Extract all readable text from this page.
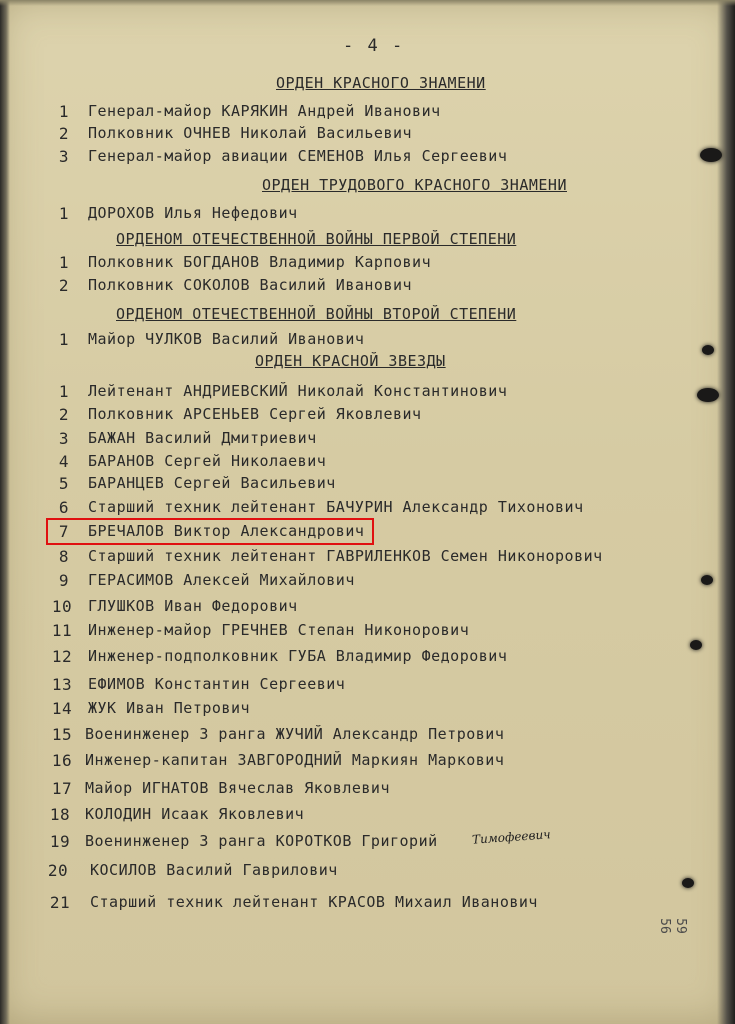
- 4 -
ОРДЕН КРАСНОГО ЗНАМЕНИ
1	Генерал-майор КАРЯКИН Андрей Иванович
2	Полковник ОЧНЕВ Николай Васильевич
3	Генерал-майор авиации СЕМЕНОВ Илья Сергеевич
ОРДЕН ТРУДОВОГО КРАСНОГО ЗНАМЕНИ
1	ДОРОХОВ Илья Нефедович
ОРДЕНОМ ОТЕЧЕСТВЕННОЙ ВОЙНЫ ПЕРВОЙ СТЕПЕНИ
1	Полковник БОГДАНОВ Владимир Карпович
2	Полковник СОКОЛОВ Василий Иванович
ОРДЕНОМ ОТЕЧЕСТВЕННОЙ ВОЙНЫ ВТОРОЙ СТЕПЕНИ
1	Майор ЧУЛКОВ Василий Иванович
ОРДЕН КРАСНОЙ ЗВЕЗДЫ
1	Лейтенант АНДРИЕВСКИЙ Николай Константинович
2	Полковник АРСЕНЬЕВ Сергей Яковлевич
3	БАЖАН Василий Дмитриевич
4	БАРАНОВ Сергей Николаевич
5	БАРАНЦЕВ Сергей Васильевич
6	Старший техник лейтенант БАЧУРИН Александр Тихонович
7	БРЕЧАЛОВ Виктор Александрович
8	Старший техник лейтенант ГАВРИЛЕНКОВ Семен Никонорович
9	ГЕРАСИМОВ Алексей Михайлович
10 ГЛУШКОВ Иван Федорович
11 Инженер-майор ГРЕЧНЕВ Степан Никонорович
12 Инженер-подполковник ГУБА Владимир Федорович
13 ЕФИМОВ Константин Сергеевич
14 ЖУК Иван Петрович
15 Военинженер 3 ранга ЖУЧИЙ Александр Петрович
16 Инженер-капитан ЗАВГОРОДНИЙ Маркиян Маркович
17 Майор ИГНАТОВ Вячеслав Яковлевич
18 КОЛОДИН Исаак Яковлевич
19 Военинженер 3 ранга КОРОТКОВ Григорий	Тимофеевич
20 КОСИЛОВ Василий Гаврилович
21 Старший техник лейтенант КРАСОВ Михаил Иванович
59
56
